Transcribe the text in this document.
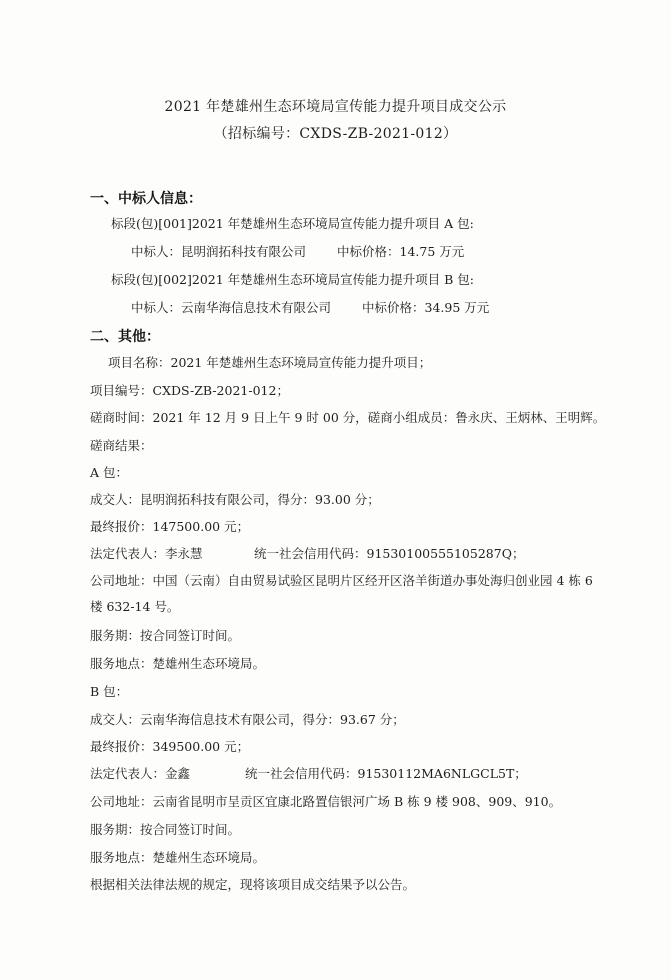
2021 年楚雄州生态环境局宣传能力提升项目成交公示
（招标编号：CXDS-ZB-2021-012）
一、中标人信息：
标段(包)[001]2021 年楚雄州生态环境局宣传能力提升项目 A 包:
中标人：昆明润拓科技有限公司 中标价格：14.75 万元
标段(包)[002]2021 年楚雄州生态环境局宣传能力提升项目 B 包:
中标人：云南华海信息技术有限公司 中标价格：34.95 万元
二、其他：
项目名称：2021 年楚雄州生态环境局宣传能力提升项目；
项目编号：CXDS-ZB-2021-012；
磋商时间：2021 年 12 月 9 日上午 9 时 00 分，磋商小组成员：鲁永庆、王炳林、王明辉。
磋商结果：
A 包：
成交人：昆明润拓科技有限公司，得分：93.00 分；
最终报价：147500.00 元；
法定代表人：李永慧	统一社会信用代码：91530100555105287Q；
公司地址：中国（云南）自由贸易试验区昆明片区经开区洛羊街道办事处海归创业园 4 栋 6
楼 632-14 号。
服务期：按合同签订时间。
服务地点：楚雄州生态环境局。
B 包：
成交人：云南华海信息技术有限公司，得分：93.67 分；
最终报价：349500.00 元；
法定代表人：金鑫	统一社会信用代码：91530112MA6NLGCL5T；
公司地址：云南省昆明市呈贡区宜康北路置信银河广场 B 栋 9 楼 908、909、910。
服务期：按合同签订时间。
服务地点：楚雄州生态环境局。
根据相关法律法规的规定，现将该项目成交结果予以公告。
